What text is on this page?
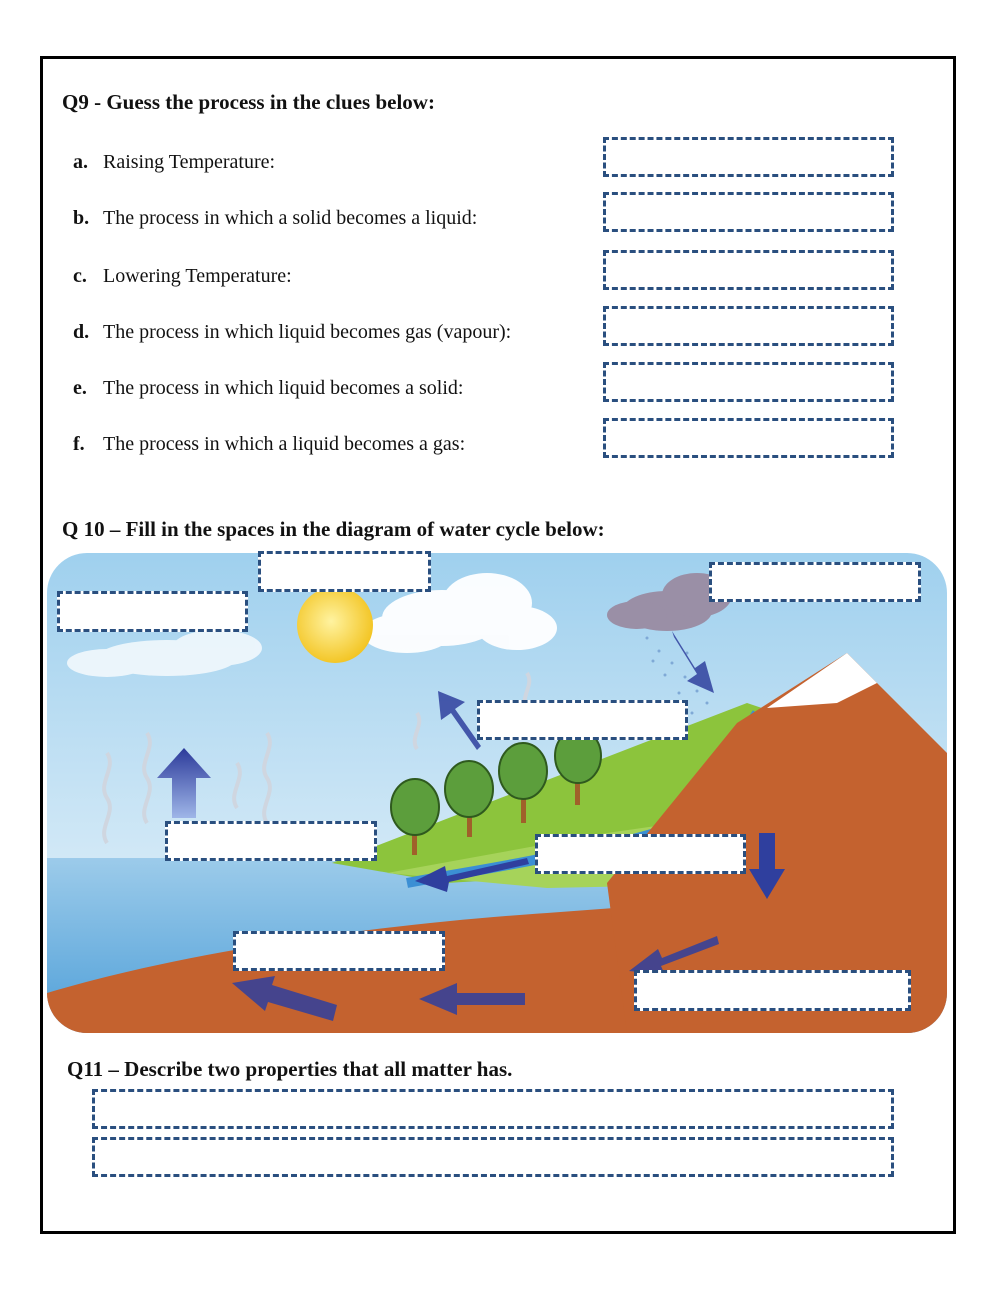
Q9 - Guess the process in the clues below:

a. Raising Temperature:

b. The process in which a solid becomes a liquid:

c. Lowering Temperature:

d. The process in which liquid becomes gas (vapour):

e. The process in which liquid becomes a solid:

f. The process in which a liquid becomes a gas:

Q 10 – Fill in the spaces in the diagram of water cycle below:

Q11 – Describe two properties that all matter has.
